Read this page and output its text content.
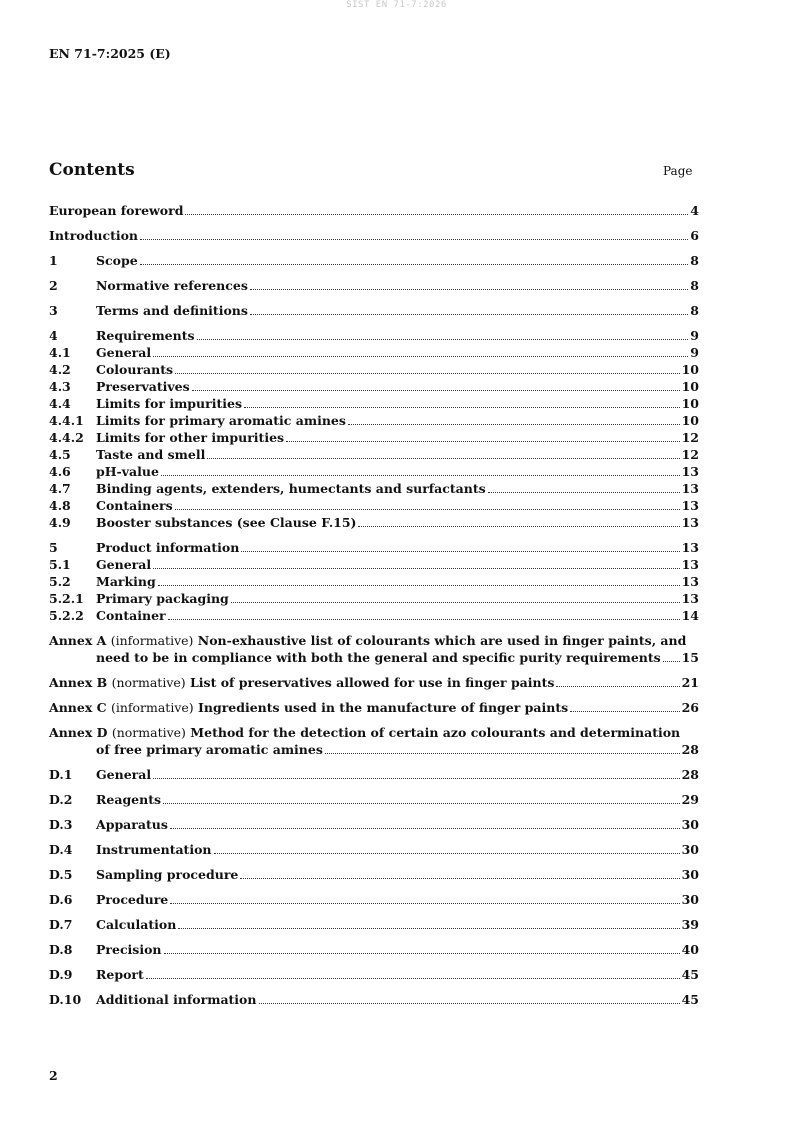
SIST EN 71-7:2026
EN 71-7:2025 (E)
Contents	Page
European foreword	4
Introduction	6
1	Scope	8
2	Normative references	8
3	Terms and definitions	8
4	Requirements	9
4.1	General	9
4.2	Colourants	10
4.3	Preservatives	10
4.4	Limits for impurities	10
4.4.1 Limits for primary aromatic amines	10
4.4.2 Limits for other impurities	12
4.5	Taste and smell	12
4.6	pH-value	13
4.7	Binding agents, extenders, humectants and surfactants	13
4.8	Containers	13
4.9	Booster substances (see Clause F.15)	13
5	Product information	13
5.1	General	13
5.2	Marking	13
5.2.1 Primary packaging	13
5.2.2 Container	14
Annex A (informative) Non-exhaustive list of colourants which are used in finger paints, and
need to be in compliance with both the general and specific purity requirements 15
Annex B (normative) List of preservatives allowed for use in finger paints	21
Annex C (informative) Ingredients used in the manufacture of finger paints	26
Annex D (normative) Method for the detection of certain azo colourants and determination
of free primary aromatic amines	28
D.1	General	28
D.2	Reagents	29
D.3	Apparatus	30
D.4	Instrumentation	30
D.5	Sampling procedure	30
D.6	Procedure	30
D.7	Calculation	39
D.8	Precision	40
D.9	Report	45
D.10	Additional information	45
2
